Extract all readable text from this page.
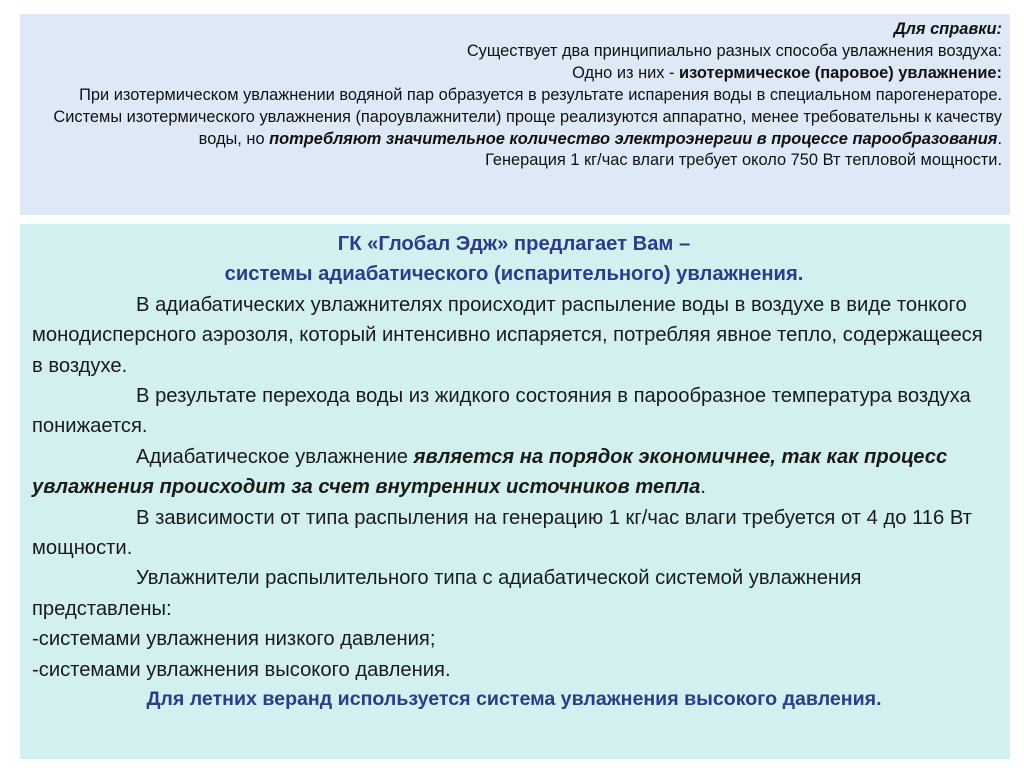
Для справки:

Существует два принципиально разных способа увлажнения воздуха:

Одно из них - изотермическое (паровое) увлажнение:

При изотермическом увлажнении водяной пар образуется в результате испарения воды в специальном парогенераторе. Системы изотермического увлажнения (пароувлажнители) проще реализуются аппаратно, менее требовательны к качеству воды, но потребляют значительное количество электроэнергии в процессе парообразования.

Генерация 1 кг/час влаги требует около 750 Вт тепловой мощности.

ГК «Глобал Эдж» предлагает Вам –

системы адиабатического (испарительного) увлажнения.

В адиабатических увлажнителях происходит распыление воды в воздухе в виде тонкого монодисперсного аэрозоля, который интенсивно испаряется, потребляя явное тепло, содержащееся в воздухе.

В результате перехода воды из жидкого состояния в парообразное температура воздуха понижается.

Адиабатическое увлажнение является на порядок экономичнее, так как процесс увлажнения происходит за счет внутренних источников тепла.

В зависимости от типа распыления на генерацию 1 кг/час влаги требуется от 4 до 116 Вт мощности.

Увлажнители распылительного типа с адиабатической системой увлажнения представлены:

-системами увлажнения низкого давления;

-системами увлажнения высокого давления.

Для летних веранд используется система увлажнения высокого давления.
